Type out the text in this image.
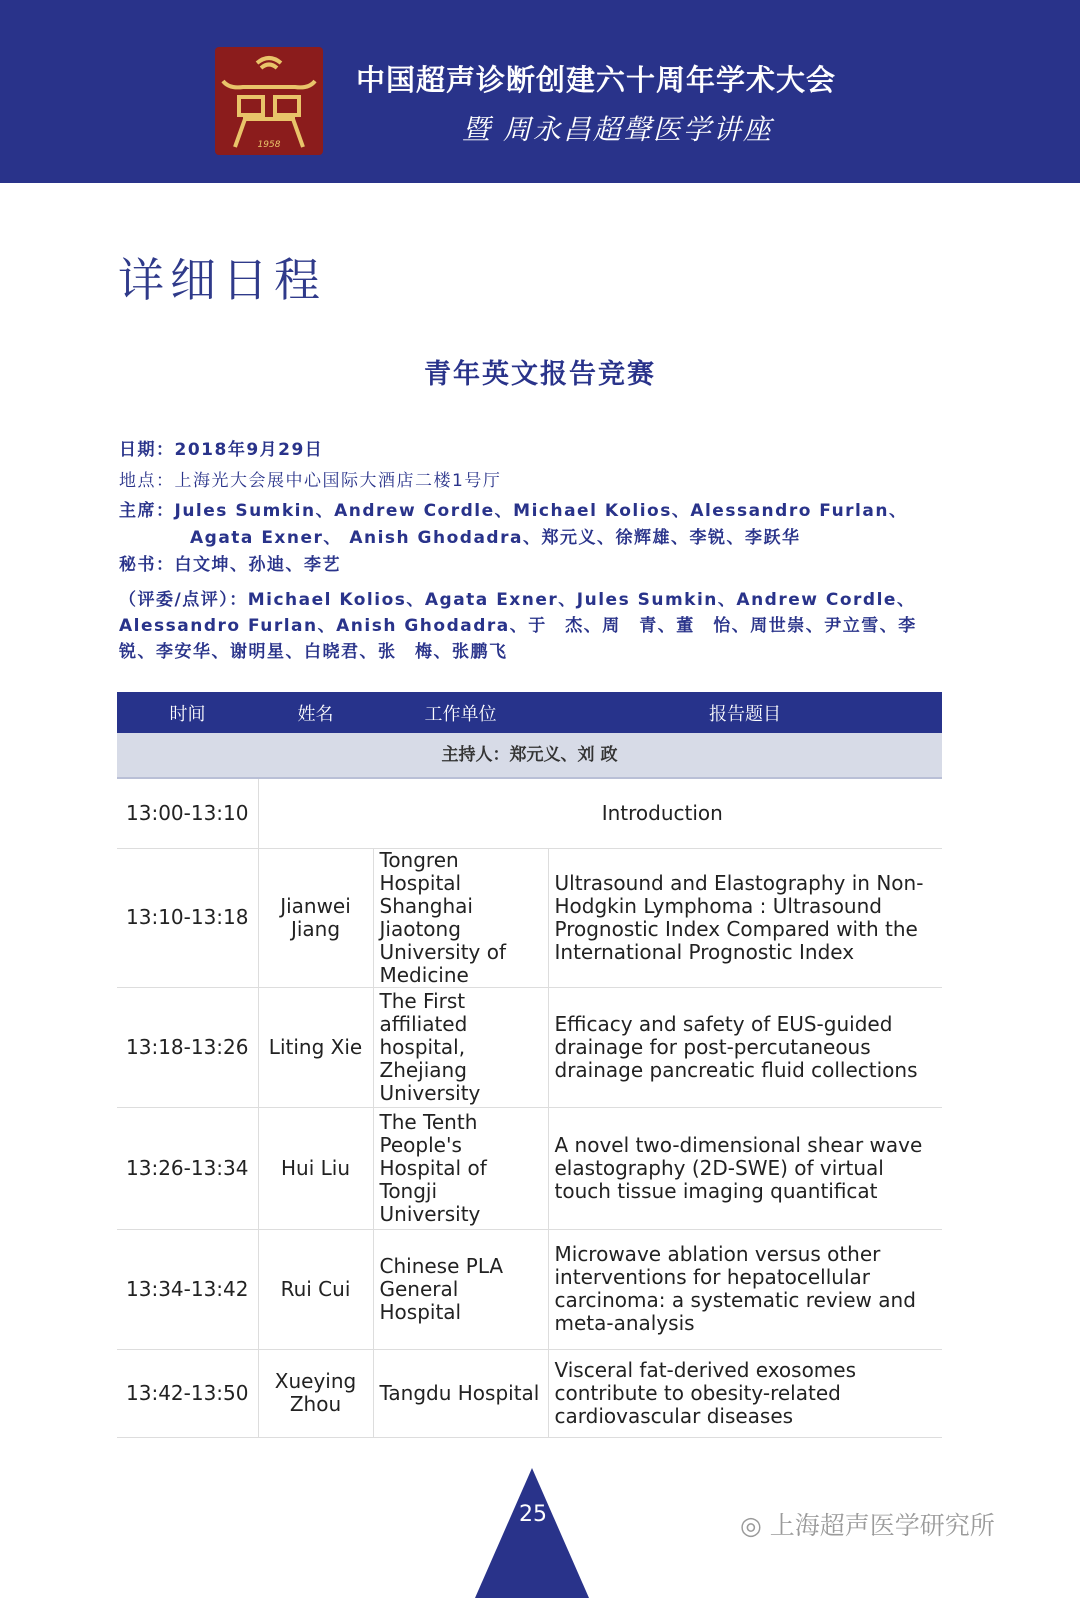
1958
中国超声诊断创建六十周年学术大会
暨 周永昌超聲医学讲座
详细日程
青年英文报告竞赛
日期：2018年9月29日
地点：上海光大会展中心国际大酒店二楼1号厅
主席：Jules Sumkin、Andrew Cordle、Michael Kolios、Alessandro Furlan、
Agata Exner、 Anish Ghodadra、郑元义、徐辉雄、李锐、李跃华
秘书：白文坤、孙迪、李艺
（评委/点评）：Michael Kolios、Agata Exner、Jules Sumkin、Andrew Cordle、
Alessandro Furlan、Anish Ghodadra、于　杰、周　青、董　怡、周世崇、尹立雪、李
锐、李安华、谢明星、白晓君、张　梅、张鹏飞
时间	姓名	工作单位	报告题目
主持人：郑元义、刘 政			
13:00-13:10	Introduction		
13:10-13:18	Jianwei Jiang	Tongren Hospital Shanghai Jiaotong University of Medicine	Ultrasound and Elastography in Non-Hodgkin Lymphoma : Ultrasound Prognostic Index Compared with the International Prognostic Index
13:18-13:26	Liting Xie	The First affiliated hospital, Zhejiang University	Efficacy and safety of EUS-guided drainage for post-percutaneous drainage pancreatic fluid collections
13:26-13:34	Hui Liu	The Tenth People's Hospital of Tongji University	A novel two-dimensional shear wave elastography (2D-SWE) of virtual touch tissue imaging quantificat
13:34-13:42	Rui Cui	Chinese PLA General Hospital	Microwave ablation versus other interventions for hepatocellular carcinoma: a systematic review and meta-analysis
13:42-13:50	Xueying Zhou	Tangdu Hospital	Visceral fat-derived exosomes contribute to obesity-related cardiovascular diseases
25	◎ 上海超声医学研究所
